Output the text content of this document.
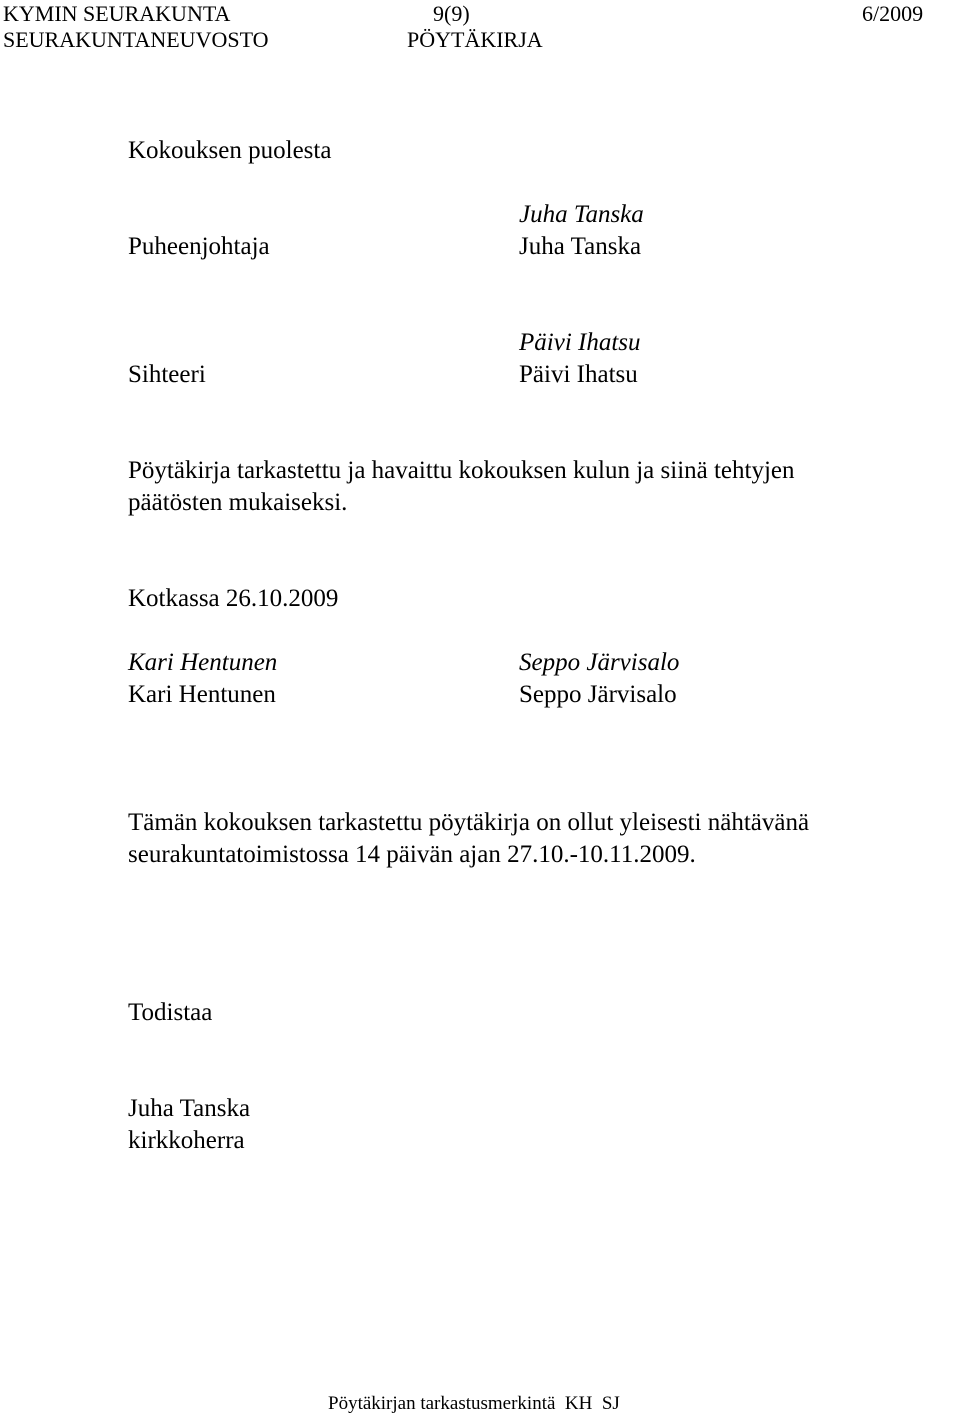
KYMIN SEURAKUNTA	9(9)	6/2009
SEURAKUNTANEUVOSTO	PÖYTÄKIRJA
Kokouksen puolesta
Juha Tanska
Puheenjohtaja	Juha Tanska
Päivi Ihatsu
Sihteeri	Päivi Ihatsu
Pöytäkirja tarkastettu ja havaittu kokouksen kulun ja siinä tehtyjen
päätösten mukaiseksi.
Kotkassa 26.10.2009
Kari Hentunen	Seppo Järvisalo
Kari Hentunen	Seppo Järvisalo
Tämän kokouksen tarkastettu pöytäkirja on ollut yleisesti nähtävänä
seurakuntatoimistossa 14 päivän ajan 27.10.-10.11.2009.
Todistaa
Juha Tanska
kirkkoherra
Pöytäkirjan tarkastusmerkintä  KH  SJ
